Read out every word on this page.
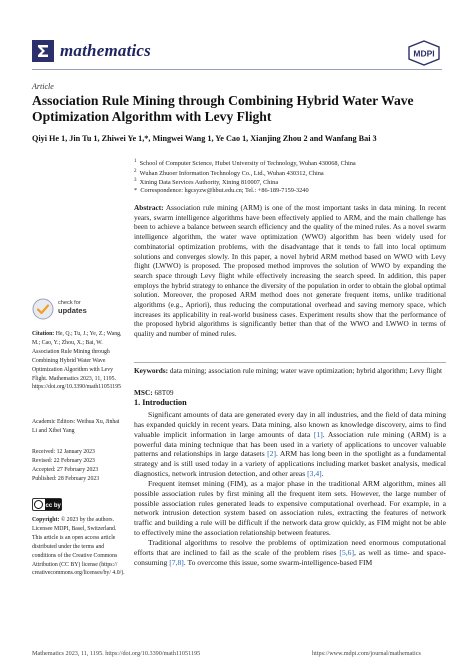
mathematics	MDPI
Article
Association Rule Mining through Combining Hybrid Water Wave Optimization Algorithm with Levy Flight
Qiyi He 1, Jin Tu 1, Zhiwei Ye 1,*, Mingwei Wang 1, Ye Cao 1, Xianjing Zhou 2 and Wanfang Bai 3
$^1$ School of Computer Science, Hubei University of Technology, Wuhan 430068, China
$^2$ Wuhan Zhuoer Information Technology Co., Ltd., Wuhan 430312, China
$^3$ Xining Data Services Authority, Xining 810007, China
* Correspondence: hgcsyzw@hbut.edu.cn; Tel.: +86-189-7159-3240
Abstract: Association rule mining (ARM) is one of the most important tasks in data mining. In recent years, swarm intelligence algorithms have been effectively applied to ARM, and the main challenge has been to achieve a balance between search efficiency and the quality of the mined rules. As a novel swarm intelligence algorithm, the water wave optimization (WWO) algorithm has been widely used for combinatorial optimization problems, with the disadvantage that it tends to fall into local optimum solutions and converges slowly. In this paper, a novel hybrid ARM method based on WWO with Levy flight (LWWO) is proposed. The proposed method improves the solution of WWO by expanding the search space through Levy flight while effectively increasing the search speed. In addition, this paper employs the hybrid strategy to enhance the diversity of the population in order to obtain the global optimal solution. Moreover, the proposed ARM method does not generate frequent items, unlike traditional algorithms (e.g., Apriori), thus reducing the computational overhead and saving memory space, which increases its applicability in real-world business cases. Experiment results show that the performance of the proposed hybrid algorithms is significantly better than that of the WWO and LWWO in terms of quality and number of mined rules.
Keywords: data mining; association rule mining; water wave optimization; hybrid algorithm; Levy flight
MSC: 68T09
1. Introduction

Significant amounts of data are generated every day in all industries, and the field of data mining has expanded quickly in recent years. Data mining, also known as knowledge discovery, aims to find valuable implicit information in large amounts of data [1]. Association rule mining (ARM) is a powerful data mining technique that has been used in a variety of applications to uncover valuable patterns and relationships in large datasets [2]. ARM has long been in the spotlight as a fundamental strategy and is still used today in a variety of applications including market basket analysis, medical diagnostics, network intrusion detection, and other areas [3,4].

Frequent itemset mining (FIM), as a major phase in the traditional ARM algorithm, mines all possible association rules by first mining all the frequent item sets. However, the large number of possible association rules generated leads to expensive computational overhead. For example, in a network intrusion detection system based on association rules, extracting the features of network traffic and building a rule will be difficult if the network data grow quickly, as FIM might not be able to effectively mine the association relationship between features.

Traditional algorithms to resolve the problems of optimization need enormous computational efforts that are inclined to fail as the scale of the problem rises [5,6], as well as time- and space-consuming [7,8]. To overcome this issue, some swarm-intelligence-based FIM

check for
updates
Citation: He, Q.; Tu, J.; Ye, Z.; Wang, M.; Cao, Y.; Zhou, X.; Bai, W. Association Rule Mining through Combining Hybrid Water Wave Optimization Algorithm with Levy Flight. Mathematics 2023, 11, 1195. https://doi.org/10.3390/math11051195
Academic Editors: Weihua Xu, Jinhai Li and Xibei Yang
Received: 12 January 2023
Revised: 22 February 2023
Accepted: 27 February 2023
Published: 28 February 2023
cc by
Copyright: © 2023 by the authors. Licensee MDPI, Basel, Switzerland. This article is an open access article distributed under the terms and conditions of the Creative Commons Attribution (CC BY) license (https:// creativecommons.org/licenses/by/ 4.0/).
Mathematics 2023, 11, 1195. https://doi.org/10.3390/math11051195	https://www.mdpi.com/journal/mathematics
